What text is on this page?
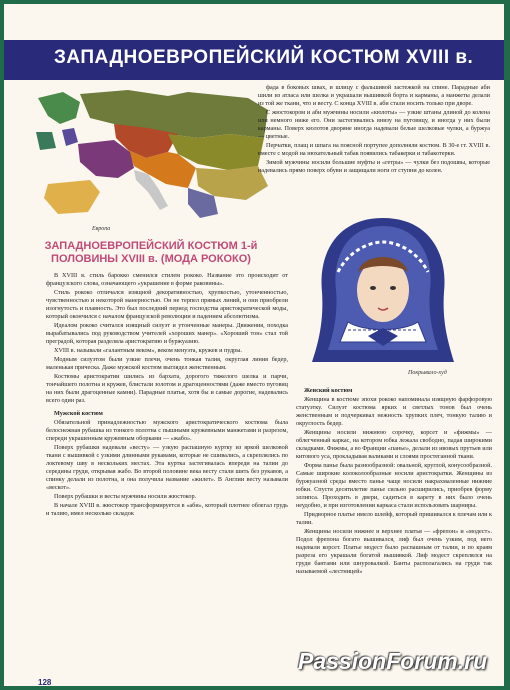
ЗАПАДНОЕВРОПЕЙСКИЙ КОСТЮМ XVIII в.
Европа
ЗАПАДНОЕВРОПЕЙСКИЙ КОСТЮМ 1-й ПОЛОВИНЫ XVIII в. (МОДА РОКОКО)

фада в боковых швах, и шлицу с фальшивой застежкой на спине. Парадные аби шили из атласа или шелка и украшали вышивкой борта и карманы, а манжеты делали из той же ткани, что и весту. С конца XVIII в. аби стали носить только при дворе.

С жюстокором и аби мужчины носили «кюлоты» — узкие штаны длиной до колена или немного ниже его. Они застегивались внизу на пуговицу, и иногда у них были карманы. Поверх кюлотов дворяне иногда надевали белые шелковые чулки, а буржуа — цветные.

Перчатки, плащ и шпага на поясной портупее дополняли костюм. В 30-е гг. XVIII в. вместе с модой на нюхательный табак появились табакерки и табакотерки.

Зимой мужчины носили большие муфты и «гетры» — чулки без подошвы, которые надевались прямо поверх обуви и защищали ноги от ступни до колен.

Покрывало-худ

В XVIII в. стиль барокко сменился стилем рококо. Название это происходит от французского слова, означающего «украшение в форме раковины».

Стиль рококо отличался изящной декоративностью, хрупкостью, утонченностью, чувственностью и некоторой манерностью. Он не терпел прямых линий, и они приобрели изогнутость и плавность. Это был последний период господства аристократической моды, который окончился с началом французской революции и падением абсолютизма.

Идеалом рококо считался изящный силуэт и утонченные манеры. Движения, походка вырабатывались под руководством учителей «хороших манер». «Хороший тон» стал той преградой, которая разделяла аристократию и буржуазию.

XVIII в. называли «галантным веком», веком менуэта, кружев и пудры.

Модным силуэтом были узкие плечи, очень тонкая талия, округлая линия бедер, маленькая прическа. Даже мужской костюм выглядел женственным.

Костюмы аристократии шились из бархата, дорогого тяжелого шелка и парчи, тончайшего полотна и кружев, блистали золотом и драгоценностями (даже вместо пуговиц на них были драгоценные камни). Парадные платья, хотя бы и самые дорогие, надевались всего один раз.

Мужской костюм

Обязательной принадлежностью мужского аристократического костюма была белоснежная рубашка из тонкого полотна с пышными кружевными манжетами и разрезом, спереди украшенным кружевным оборками — «жабо».

Поверх рубашки надевали «весту» — узкую распашную куртку из яркой шелковой ткани с вышивкой с узкими длинными рукавами, которые не сшивались, а скреплялись по локтевому шву в нескольких местах. Эта куртка застегивалась впереди на талии до середины груди, открывая жабо. Во второй половине века весту стали шить без рукавов, а спинку делали из полотна, и она получила название «жилет». В Англии весту называли «вескот».

Поверх рубашки и весты мужчины носили жюстокор.

В начале XVIII в. жюстокор трансформируется в «аби», который плотнее облегал грудь и талию, имел несколько складок

Женский костюм

Женщина в костюме эпохи рококо напоминала изящную фарфоровую статуэтку. Силуэт костюма ярких и светлых тонов был очень женственным и подчеркивал нежность хрупких плеч, тонкую талию и округлость бедер.

Женщины носили нижнюю сорочку, корсет и «фижмы» — облегченный каркас, на котором юбка лежала свободно, падая широкими складками. Фижмы, а во Франции «панье», делали из ивовых прутьев или китового уса, прокладывая валиками и слоями простеганной ткани.

Форма панье была разнообразной: овальной, круглой, конусообразной. Самые широкие колоколообразные носили аристократки. Женщины из буржуазной среды вместо панье чаще носили накрахмаленные нижние юбки. Спустя десятилетие панье сильно расширились, приобрев форму эллипса. Проходить в двери, садиться в карету в них было очень неудобно, и при изготовлении каркаса стали использовать шарниры.

Придворное платье имело шлейф, который пришивался к плечам или к талии.

Женщины носили нижнее и верхнее платья — «фрепон» и «модест». Подол фрепона богато вышивался, лиф был очень узким, под него надевали корсет. Платье модест было распашным от талии, и по краям разреза его украшали богатой вышивкой. Лиф модест скреплялся на груди бантами или шнуровалкой. Банты располагались на груди так называемой «лестницей»

128
PassionForum.ru
